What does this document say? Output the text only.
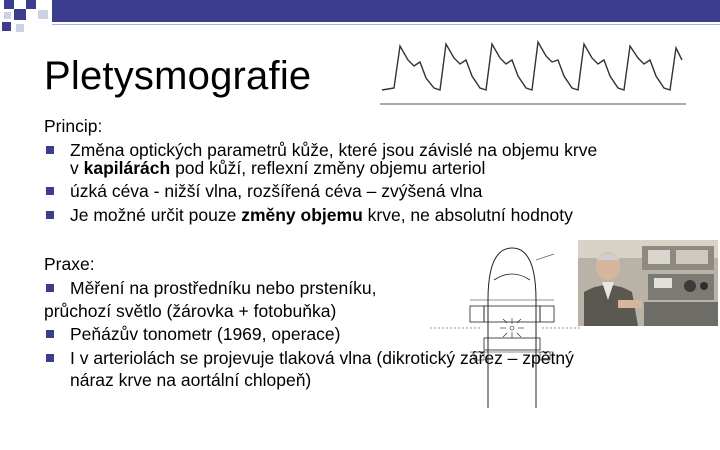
Pletysmografie
Princip:
Změna optických parametrů kůže, které jsou závislé na objemu krve
v kapilárách pod kůží, reflexní změny objemu arteriol
úzká céva - nižší vlna, rozšířená céva – zvýšená vlna
Je možné určit pouze změny objemu krve, ne absolutní hodnoty
Praxe:
Měření na prostředníku nebo prsteníku,
průchozí světlo (žárovka + fotobuňka)
Peňázův tonometr (1969, operace)
I v arteriolách se projevuje tlaková vlna (dikrotický zářez – zpětný
náraz krve na aortální chlopeň)
